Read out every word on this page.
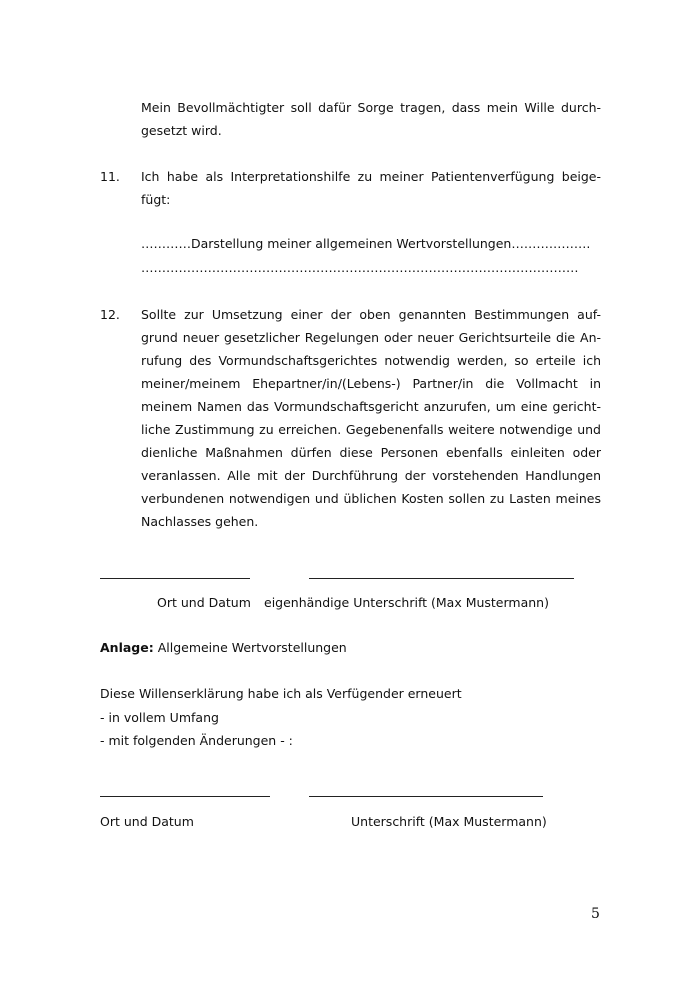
Mein Bevollmächtigter soll dafür Sorge tragen, dass mein Wille durch-
gesetzt wird.
11. Ich habe als Interpretationshilfe zu meiner Patientenverfügung beige-
fügt:
…………Darstellung meiner allgemeinen Wertvorstellungen……………….
……………………………………………………………………………………………
12. Sollte zur Umsetzung einer der oben genannten Bestimmungen auf-
grund neuer gesetzlicher Regelungen oder neuer Gerichtsurteile die An-
rufung des Vormundschaftsgerichtes notwendig werden, so erteile ich
meiner/meinem Ehepartner/in/(Lebens-) Partner/in die Vollmacht in
meinem Namen das Vormundschaftsgericht anzurufen, um eine gericht-
liche Zustimmung zu erreichen. Gegebenenfalls weitere notwendige und
dienliche Maßnahmen dürfen diese Personen ebenfalls einleiten oder
veranlassen. Alle mit der Durchführung der vorstehenden Handlungen
verbundenen notwendigen und üblichen Kosten sollen zu Lasten meines
Nachlasses gehen.
Ort und Datum eigenhändige Unterschrift (Max Mustermann)
Anlage: Allgemeine Wertvorstellungen
Diese Willenserklärung habe ich als Verfügender erneuert
- in vollem Umfang
- mit folgenden Änderungen - :
Ort und Datum	Unterschrift (Max Mustermann)
5
